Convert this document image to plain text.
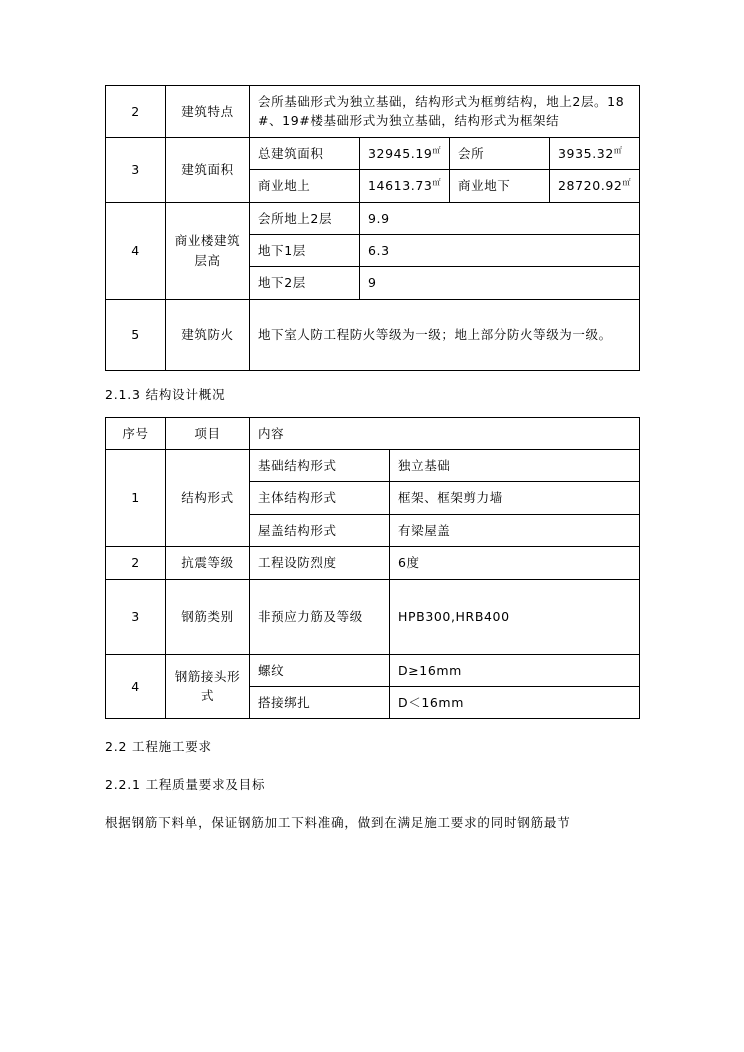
2	建筑特点	会所基础形式为独立基础，结构形式为框剪结构，地上2层。18#、19#楼基础形式为独立基础，结构形式为框架结			

3	建筑面积	总建筑面积	32945.19㎡	会所	3935.32㎡
		商业地上	14613.73㎡	商业地下	28720.92㎡
4	商业楼建筑层高	会所地上2层	9.9		
		地下1层	6.3		
		地下2层	9		
5	建筑防火	地下室人防工程防火等级为一级；地上部分防火等级为一级。			

2.1.3 结构设计概况

序号	项目	内容	
1	结构形式	基础结构形式	独立基础
		主体结构形式	框架、框架剪力墙
		屋盖结构形式	有梁屋盖
2	抗震等级	工程设防烈度	6度
3	钢筋类别	非预应力筋及等级	HPB300,HRB400
4	钢筋接头形式	螺纹	D≥16mm
		搭接绑扎	D＜16mm

2.2 工程施工要求

2.2.1 工程质量要求及目标

根据钢筋下料单，保证钢筋加工下料准确，做到在满足施工要求的同时钢筋最节
